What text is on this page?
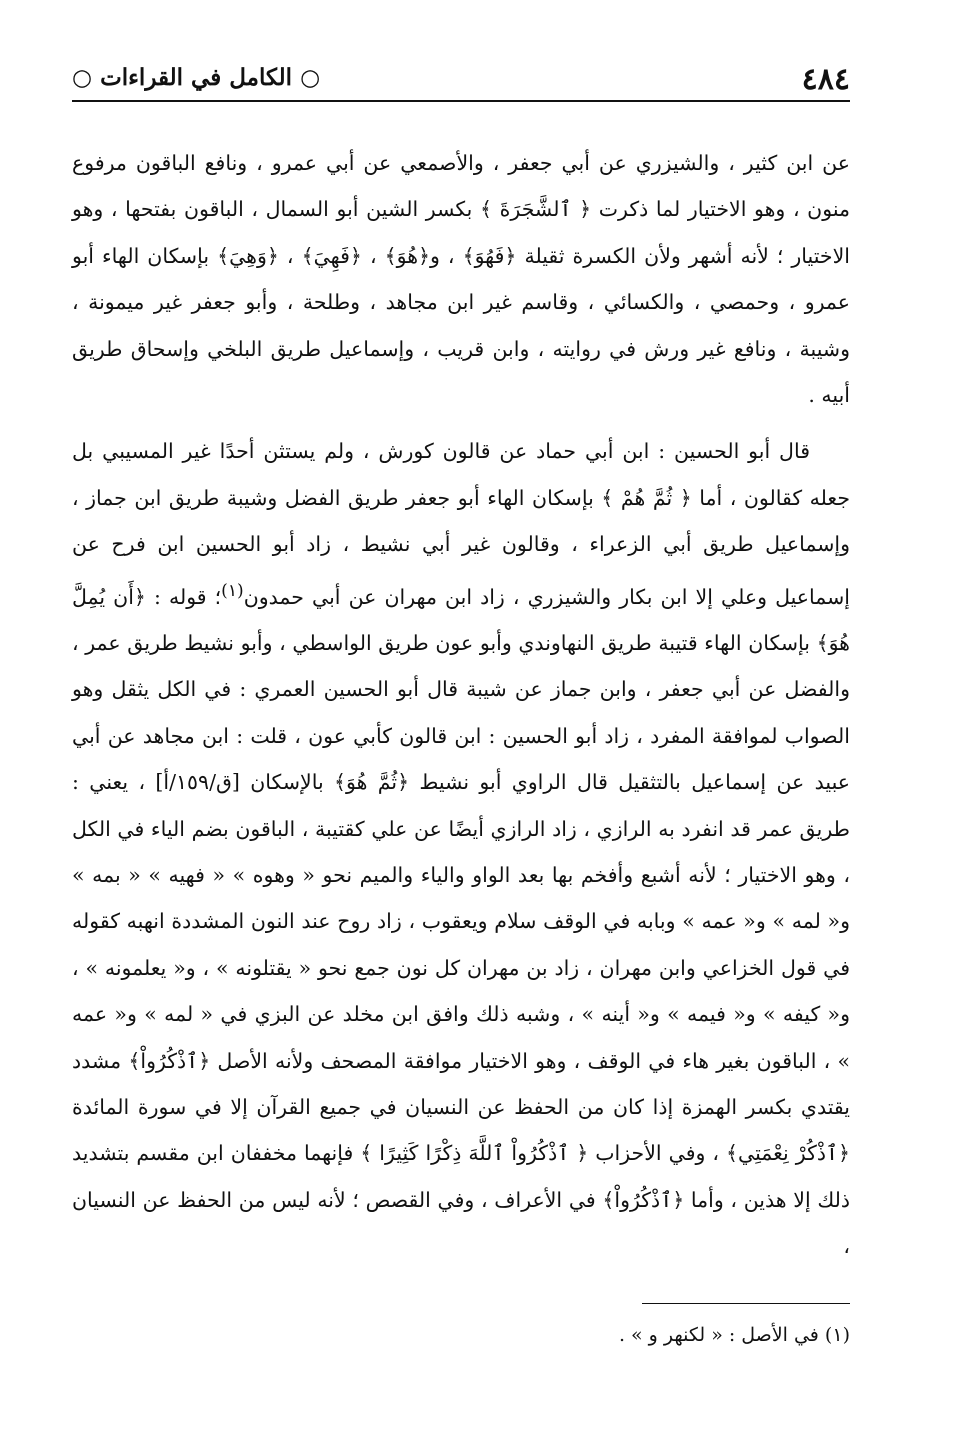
٤٨٤
○ الكامل في القراءات ○

عن ابن كثير ، والشيزري عن أبي جعفر ، والأصمعي عن أبي عمرو ، ونافع الباقون مرفوع منون ، وهو الاختيار لما ذكرت ﴿ ٱلشَّجَرَةَ ﴾ بكسر الشين أبو السمال ، الباقون بفتحها ، وهو الاختيار ؛ لأنه أشهر ولأن الكسرة ثقيلة ﴿فَهُوَ﴾ ، و﴿هُوَ﴾ ، ﴿فَهِيَ﴾ ، ﴿وَهِيَ﴾ بإسكان الهاء أبو عمرو ، وحمصي ، والكسائي ، وقاسم غير ابن مجاهد ، وطلحة ، وأبو جعفر غير ميمونة ، وشيبة ، ونافع غير ورش في روايته ، وابن قريب ، وإسماعيل طريق البلخي وإسحاق طريق أبيه .

قال أبو الحسين : ابن أبي حماد عن قالون كورش ، ولم يستثن أحدًا غير المسيبي بل جعله كقالون ، أما ﴿ ثُمَّ هُمْ ﴾ بإسكان الهاء أبو جعفر طريق الفضل وشيبة طريق ابن جماز ، وإسماعيل طريق أبي الزعراء ، وقالون غير أبي نشيط ، زاد أبو الحسين ابن فرح عن إسماعيل وعلي إلا ابن بكار والشيزري ، زاد ابن مهران عن أبي حمدون$^{(١)}$؛ قوله : ﴿أَن يُمِلَّ هُوَ﴾ بإسكان الهاء قتيبة طريق النهاوندي وأبو عون طريق الواسطي ، وأبو نشيط طريق عمر ، والفضل عن أبي جعفر ، وابن جماز عن شيبة قال أبو الحسين العمري : في الكل يثقل وهو الصواب لموافقة المفرد ، زاد أبو الحسين : ابن قالون كأبي عون ، قلت : ابن مجاهد عن أبي عبيد عن إسماعيل بالتثقيل قال الراوي أبو نشيط ﴿ثُمَّ هُوَ﴾ بالإسكان [ق/١٥٩/أ] ، يعني : طريق عمر قد انفرد به الرازي ، زاد الرازي أيضًا عن علي كقتيبة ، الباقون بضم الياء في الكل ، وهو الاختيار ؛ لأنه أشبع وأفخم بها بعد الواو والياء والميم نحو « وهوه » « فهيه » « بمه » و« لمه » و« عمه » وبابه في الوقف سلام ويعقوب ، زاد روح عند النون المشددة انهبه كقوله في قول الخزاعي وابن مهران ، زاد بن مهران كل نون جمع نحو « يقتلونه » ، و« يعلمونه » ، و« كيفه » و« فيمه » و« أينه » ، وشبه ذلك وافق ابن مخلد عن البزي في « لمه » و« عمه » ، الباقون بغير هاء في الوقف ، وهو الاختيار موافقة المصحف ولأنه الأصل ﴿ٱذْكُرُواْ﴾ مشدد يقتدي بكسر الهمزة إذا كان من الحفظ عن النسيان في جميع القرآن إلا في سورة المائدة ﴿ٱذْكُرْ نِعْمَتِي﴾ ، وفي الأحزاب ﴿ ٱذْكُرُواْ ٱللَّهَ ذِكْرًا كَثِيرًا ﴾ فإنهما مخففان ابن مقسم بتشديد ذلك إلا هذين ، وأما ﴿ٱذْكُرُواْ﴾ في الأعراف ، وفي القصص ؛ لأنه ليس من الحفظ عن النسيان ،

(١) في الأصل : « لكنهر و » .
